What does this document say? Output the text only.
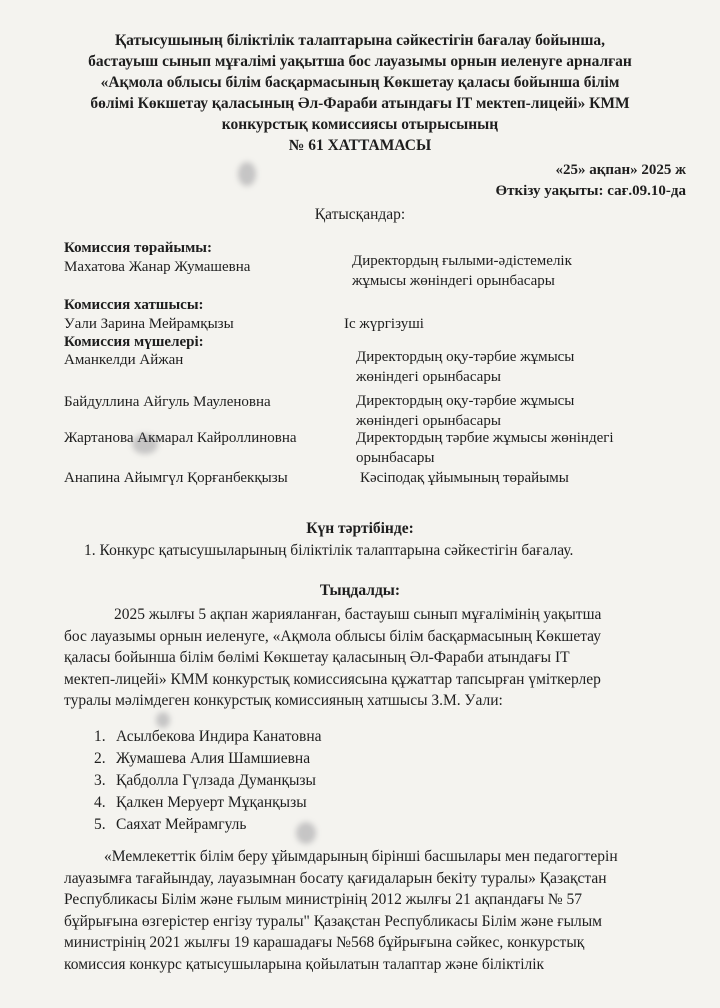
Қатысушының біліктілік талаптарына сәйкестігін бағалау бойынша,
бастауыш сынып мұғалімі уақытша бос лауазымы орнын иеленуге арналған
«Ақмола облысы білім басқармасының Көкшетау қаласы бойынша білім
бөлімі Көкшетау қаласының Әл-Фараби атындағы IT мектеп-лицейі» КММ
конкурстық комиссиясы отырысының
№ 61 ХАТТАМАСЫ
«25» ақпан» 2025 ж
Өткізу уақыты: сағ.09.10-да
Қатысқандар:
Комиссия төрайымы:
Махатова Жанар Жумашевна	Директордың ғылыми-әдістемелік
жұмысы жөніндегі орынбасары
Комиссия хатшысы:
Уали Зарина Мейрамқызы	Іс жүргізуші
Комиссия мүшелері:
Аманкелди Айжан	Директордың оқу-тәрбие жұмысы
жөніндегі орынбасары
Байдуллина Айгуль Мауленовна	Директордың оқу-тәрбие жұмысы
жөніндегі орынбасары
Жартанова Акмарал Кайроллиновна	Директордың тәрбие жұмысы жөніндегі
орынбасары
Анапина Айымгүл Қорғанбекқызы	Кәсіподақ ұйымының төрайымы
Күн тәртібінде:
1. Конкурс қатысушыларының біліктілік талаптарына сәйкестігін бағалау.
Тыңдалды:
2025 жылғы 5 ақпан жарияланған, бастауыш сынып мұғалімінің уақытша
бос лауазымы орнын иеленуге, «Ақмола облысы білім басқармасының Көкшетау
қаласы бойынша білім бөлімі Көкшетау қаласының Әл-Фараби атындағы IT
мектеп-лицейі» КММ конкурстық комиссиясына құжаттар тапсырған үміткерлер
туралы мәлімдеген конкурстық комиссияның хатшысы З.М. Уали:
1. Асылбекова Индира Канатовна
2. Жумашева Алия Шамшиевна
3. Қабдолла Гүлзада Думанқызы
4. Қалкен Меруерт Мұқанқызы
5. Саяхат Мейрамгуль
«Мемлекеттік білім беру ұйымдарының бірінші басшылары мен педагогтерін
лауазымға тағайындау, лауазымнан босату қағидаларын бекіту туралы» Қазақстан
Республикасы Білім және ғылым министрінің 2012 жылғы 21 ақпандағы № 57
бұйрығына өзгерістер енгізу туралы" Қазақстан Республикасы Білім және ғылым
министрінің 2021 жылғы 19 карашадағы №568 бұйрығына сәйкес, конкурстық
комиссия конкурс қатысушыларына қойылатын талаптар және біліктілік
